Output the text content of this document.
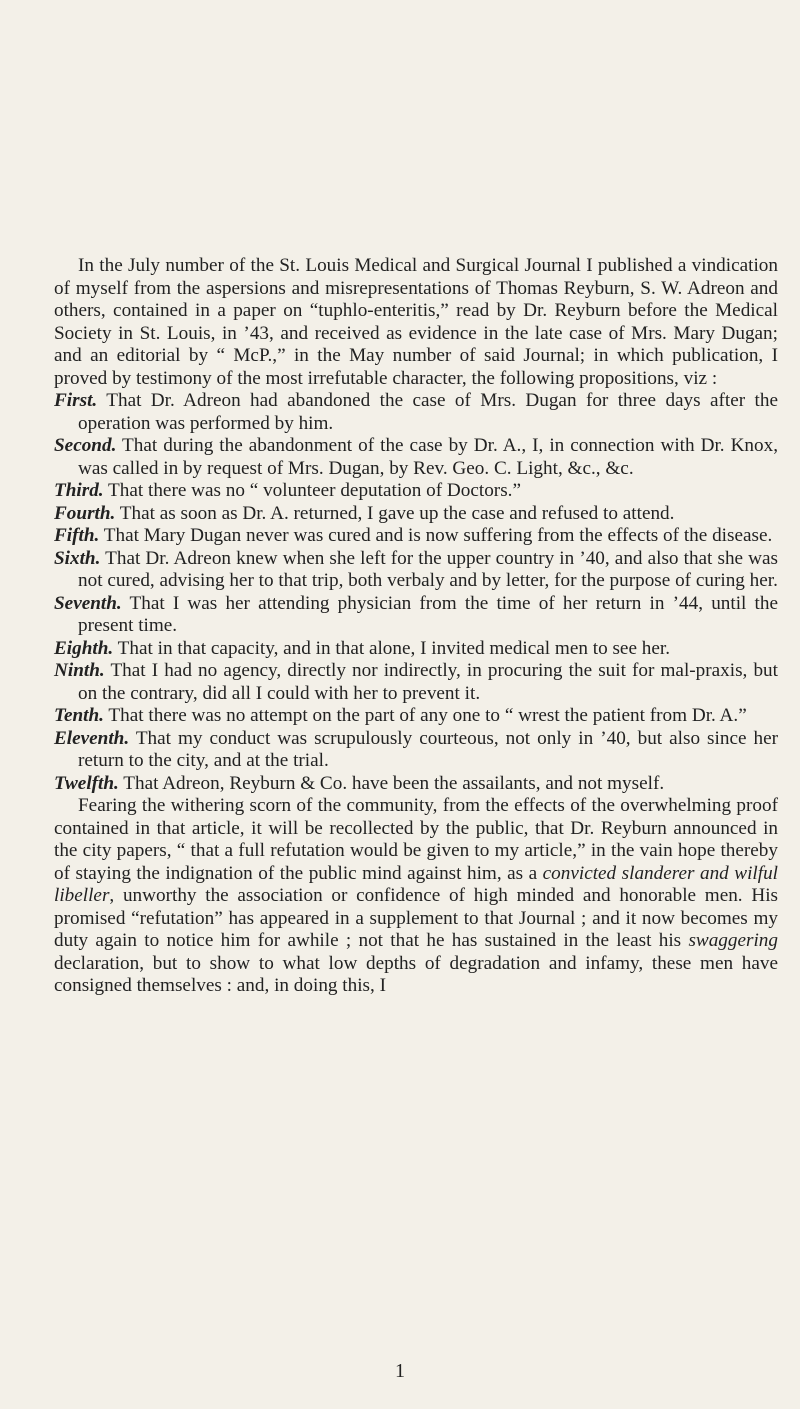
In the July number of the St. Louis Medical and Surgical Journal I published a vindication of myself from the aspersions and misrepresentations of Thomas Reyburn, S. W. Adreon and others, contained in a paper on “tuphlo-enteritis,” read by Dr. Reyburn before the Medical Society in St. Louis, in ’43, and received as evidence in the late case of Mrs. Mary Dugan; and an editorial by “ McP.,” in the May number of said Journal; in which publication, I proved by testimony of the most irrefutable character, the following propositions, viz :

First. That Dr. Adreon had abandoned the case of Mrs. Dugan for three days after the operation was performed by him.

Second. That during the abandonment of the case by Dr. A., I, in connection with Dr. Knox, was called in by request of Mrs. Dugan, by Rev. Geo. C. Light, &c., &c.

Third. That there was no “ volunteer deputation of Doctors.”

Fourth. That as soon as Dr. A. returned, I gave up the case and refused to attend.

Fifth. That Mary Dugan never was cured and is now suffering from the effects of the disease.

Sixth. That Dr. Adreon knew when she left for the upper country in ’40, and also that she was not cured, advising her to that trip, both verbaly and by letter, for the purpose of curing her.

Seventh. That I was her attending physician from the time of her return in ’44, until the present time.

Eighth. That in that capacity, and in that alone, I invited medical men to see her.

Ninth. That I had no agency, directly nor indirectly, in procuring the suit for mal-praxis, but on the contrary, did all I could with her to prevent it.

Tenth. That there was no attempt on the part of any one to “ wrest the patient from Dr. A.”

Eleventh. That my conduct was scrupulously courteous, not only in ’40, but also since her return to the city, and at the trial.

Twelfth. That Adreon, Reyburn & Co. have been the assailants, and not myself.

Fearing the withering scorn of the community, from the effects of the overwhelming proof contained in that article, it will be recollected by the public, that Dr. Reyburn announced in the city papers, “ that a full refutation would be given to my article,” in the vain hope thereby of staying the indignation of the public mind against him, as a convicted slanderer and wilful libeller, unworthy the association or confidence of high minded and honorable men. His promised “refutation” has appeared in a supplement to that Journal ; and it now becomes my duty again to notice him for awhile ; not that he has sustained in the least his swaggering declaration, but to show to what low depths of degradation and infamy, these men have consigned themselves : and, in doing this, I

1
